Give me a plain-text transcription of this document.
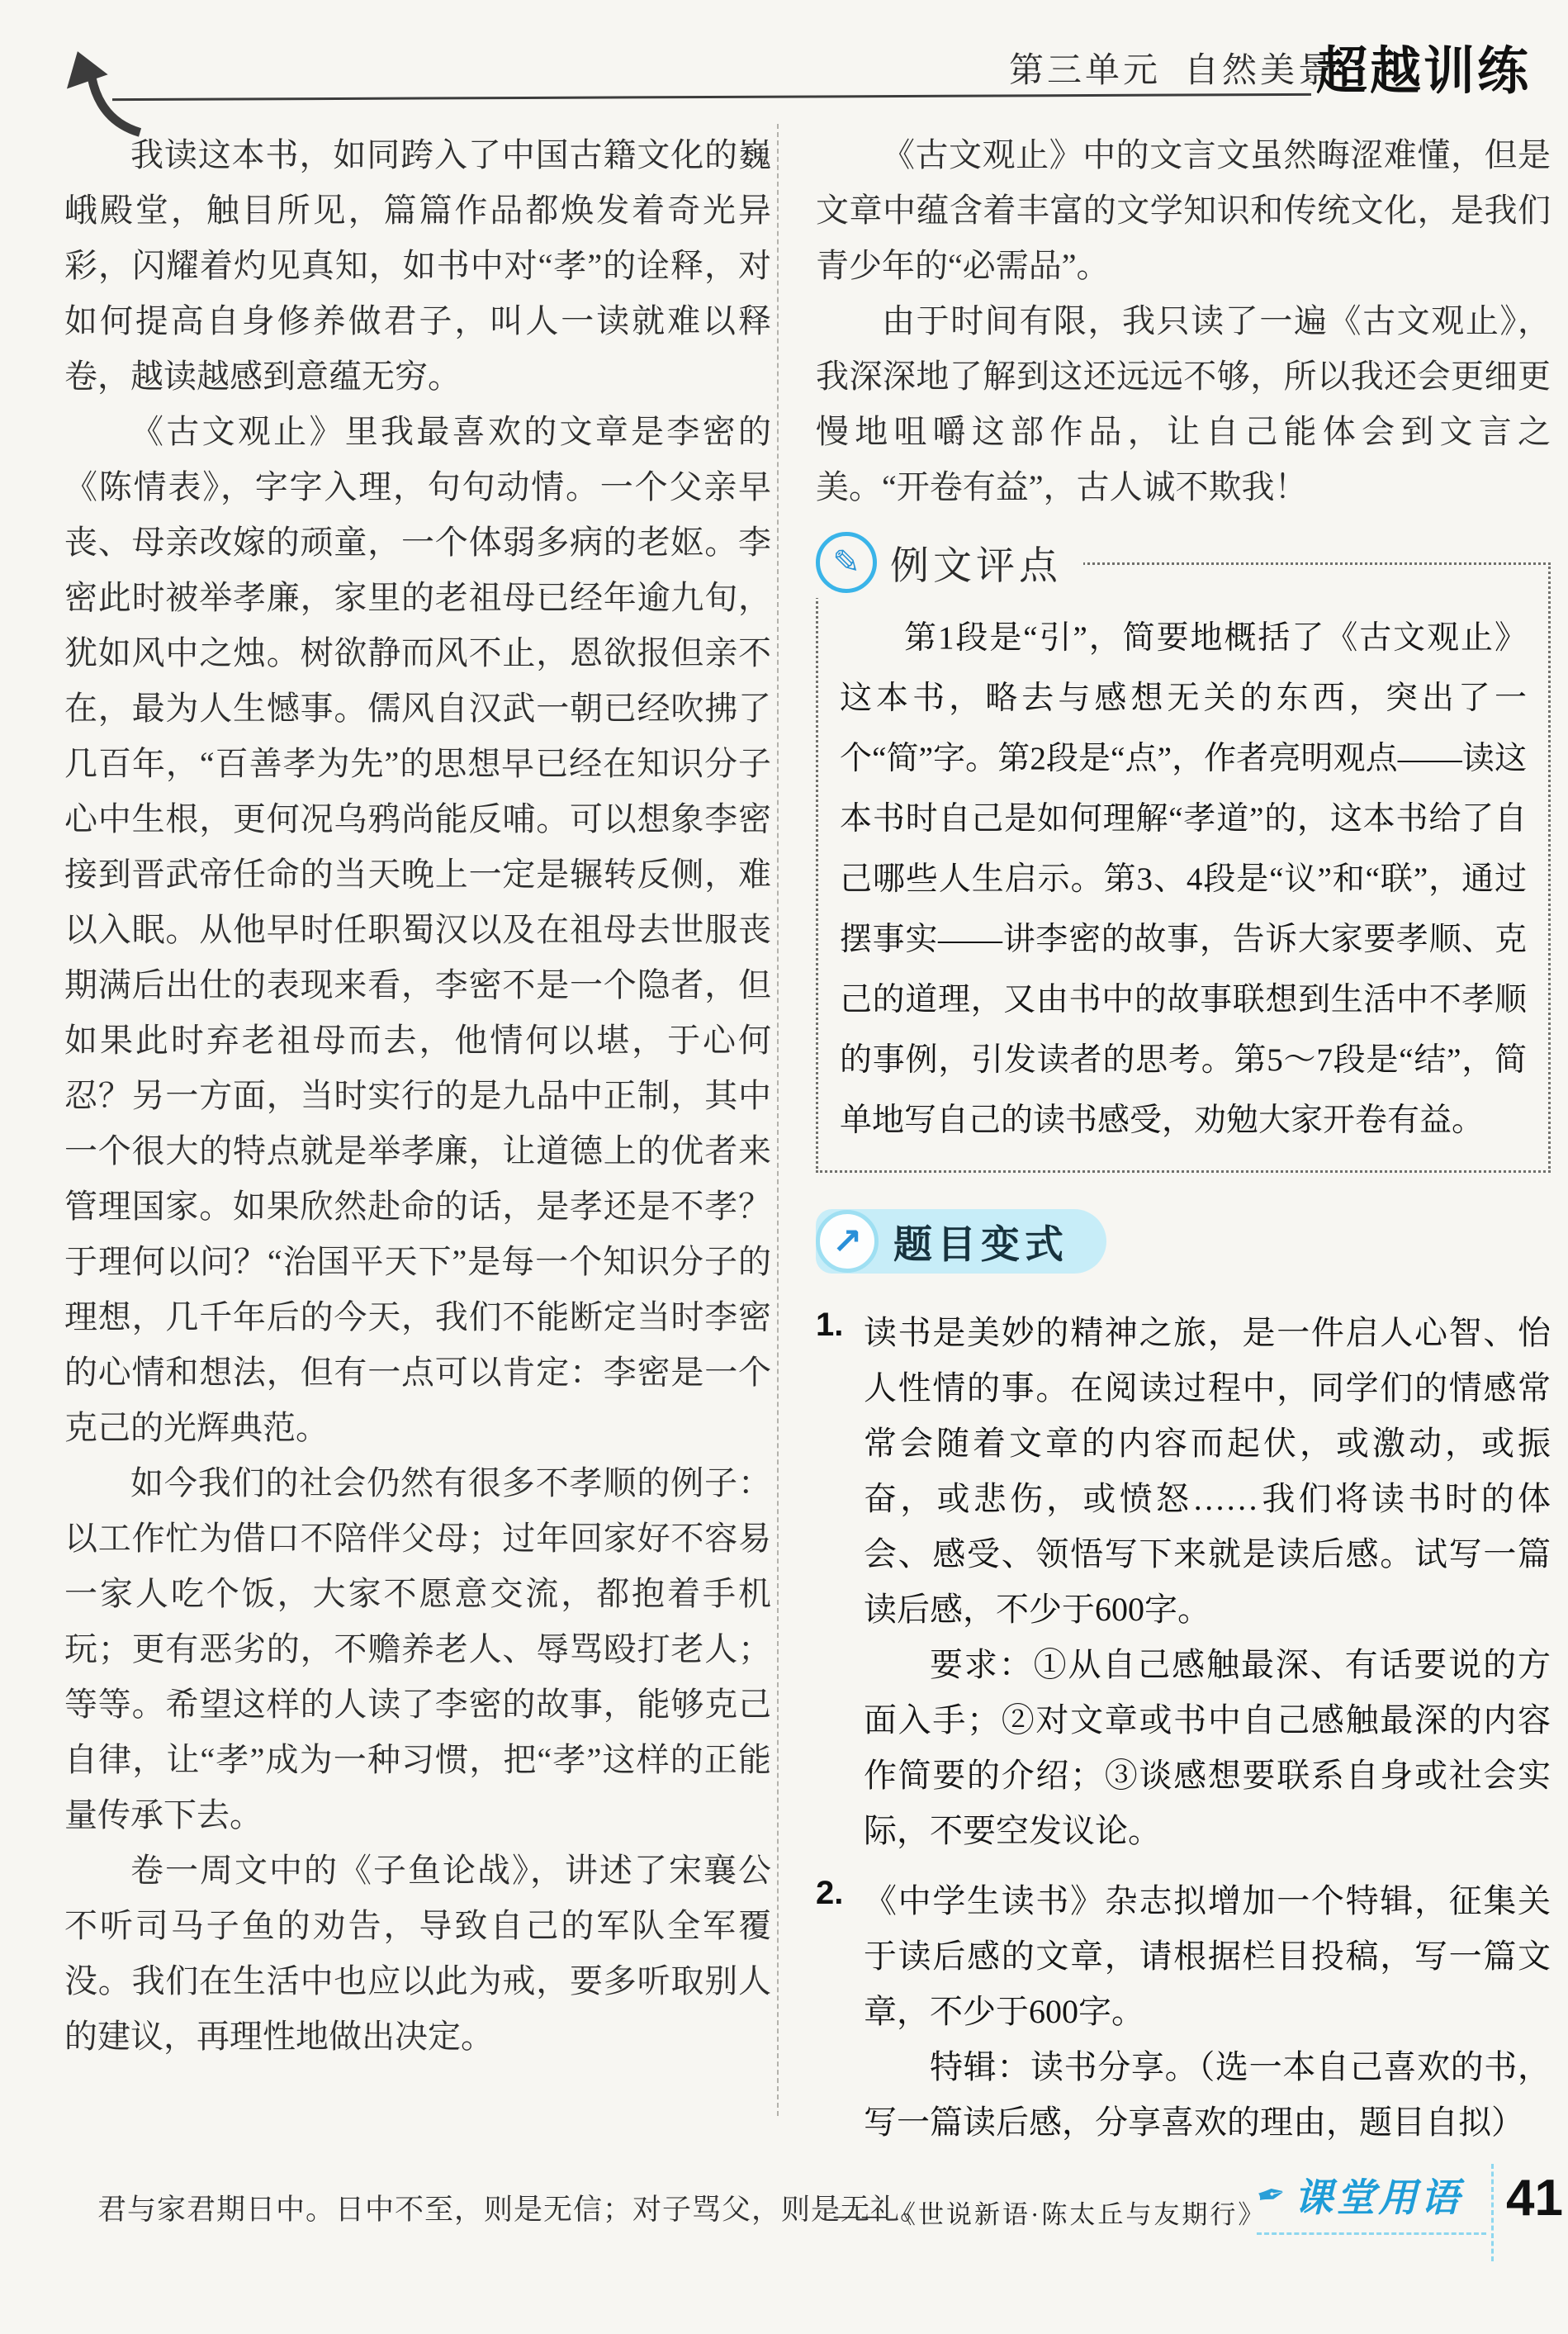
第三单元 自然美景
超越训练

我读这本书，如同跨入了中国古籍文化的巍峨殿堂，触目所见，篇篇作品都焕发着奇光异彩，闪耀着灼见真知，如书中对“孝”的诠释，对如何提高自身修养做君子，叫人一读就难以释卷，越读越感到意蕴无穷。

《古文观止》里我最喜欢的文章是李密的《陈情表》，字字入理，句句动情。一个父亲早丧、母亲改嫁的顽童，一个体弱多病的老妪。李密此时被举孝廉，家里的老祖母已经年逾九旬，犹如风中之烛。树欲静而风不止，恩欲报但亲不在，最为人生憾事。儒风自汉武一朝已经吹拂了几百年，“百善孝为先”的思想早已经在知识分子心中生根，更何况乌鸦尚能反哺。可以想象李密接到晋武帝任命的当天晚上一定是辗转反侧，难以入眠。从他早时任职蜀汉以及在祖母去世服丧期满后出仕的表现来看，李密不是一个隐者，但如果此时弃老祖母而去，他情何以堪，于心何忍？另一方面，当时实行的是九品中正制，其中一个很大的特点就是举孝廉，让道德上的优者来管理国家。如果欣然赴命的话，是孝还是不孝？于理何以问？“治国平天下”是每一个知识分子的理想，几千年后的今天，我们不能断定当时李密的心情和想法，但有一点可以肯定：李密是一个克己的光辉典范。

如今我们的社会仍然有很多不孝顺的例子：以工作忙为借口不陪伴父母；过年回家好不容易一家人吃个饭，大家不愿意交流，都抱着手机玩；更有恶劣的，不赡养老人、辱骂殴打老人；等等。希望这样的人读了李密的故事，能够克己自律，让“孝”成为一种习惯，把“孝”这样的正能量传承下去。

卷一周文中的《子鱼论战》，讲述了宋襄公不听司马子鱼的劝告，导致自己的军队全军覆没。我们在生活中也应以此为戒，要多听取别人的建议，再理性地做出决定。

《古文观止》中的文言文虽然晦涩难懂，但是文章中蕴含着丰富的文学知识和传统文化，是我们青少年的“必需品”。

由于时间有限，我只读了一遍《古文观止》，我深深地了解到这还远远不够，所以我还会更细更慢地咀嚼这部作品，让自己能体会到文言之美。“开卷有益”，古人诚不欺我！

✎ 例文评点

第1段是“引”，简要地概括了《古文观止》这本书，略去与感想无关的东西，突出了一个“简”字。第2段是“点”，作者亮明观点——读这本书时自己是如何理解“孝道”的，这本书给了自己哪些人生启示。第3、4段是“议”和“联”，通过摆事实——讲李密的故事，告诉大家要孝顺、克己的道理，又由书中的故事联想到生活中不孝顺的事例，引发读者的思考。第5～7段是“结”，简单地写自己的读书感受，劝勉大家开卷有益。

↗ 题目变式
1. 读书是美妙的精神之旅，是一件启人心智、怡人性情的事。在阅读过程中，同学们的情感常常会随着文章的内容而起伏，或激动，或振奋，或悲伤，或愤怒……我们将读书时的体会、感受、领悟写下来就是读后感。试写一篇读后感，不少于600字。

要求：①从自己感触最深、有话要说的方面入手；②对文章或书中自己感触最深的内容作简要的介绍；③谈感想要联系自身或社会实际，不要空发议论。

2. 《中学生读书》杂志拟增加一个特辑，征集关于读后感的文章，请根据栏目投稿，写一篇文章，不少于600字。

特辑：读书分享。（选一本自己喜欢的书，写一篇读后感，分享喜欢的理由，题目自拟）

君与家君期日中。日中不至，则是无信；对子骂父，则是无礼。
——《世说新语·陈太丘与友期行》
✒ 课堂用语 41
